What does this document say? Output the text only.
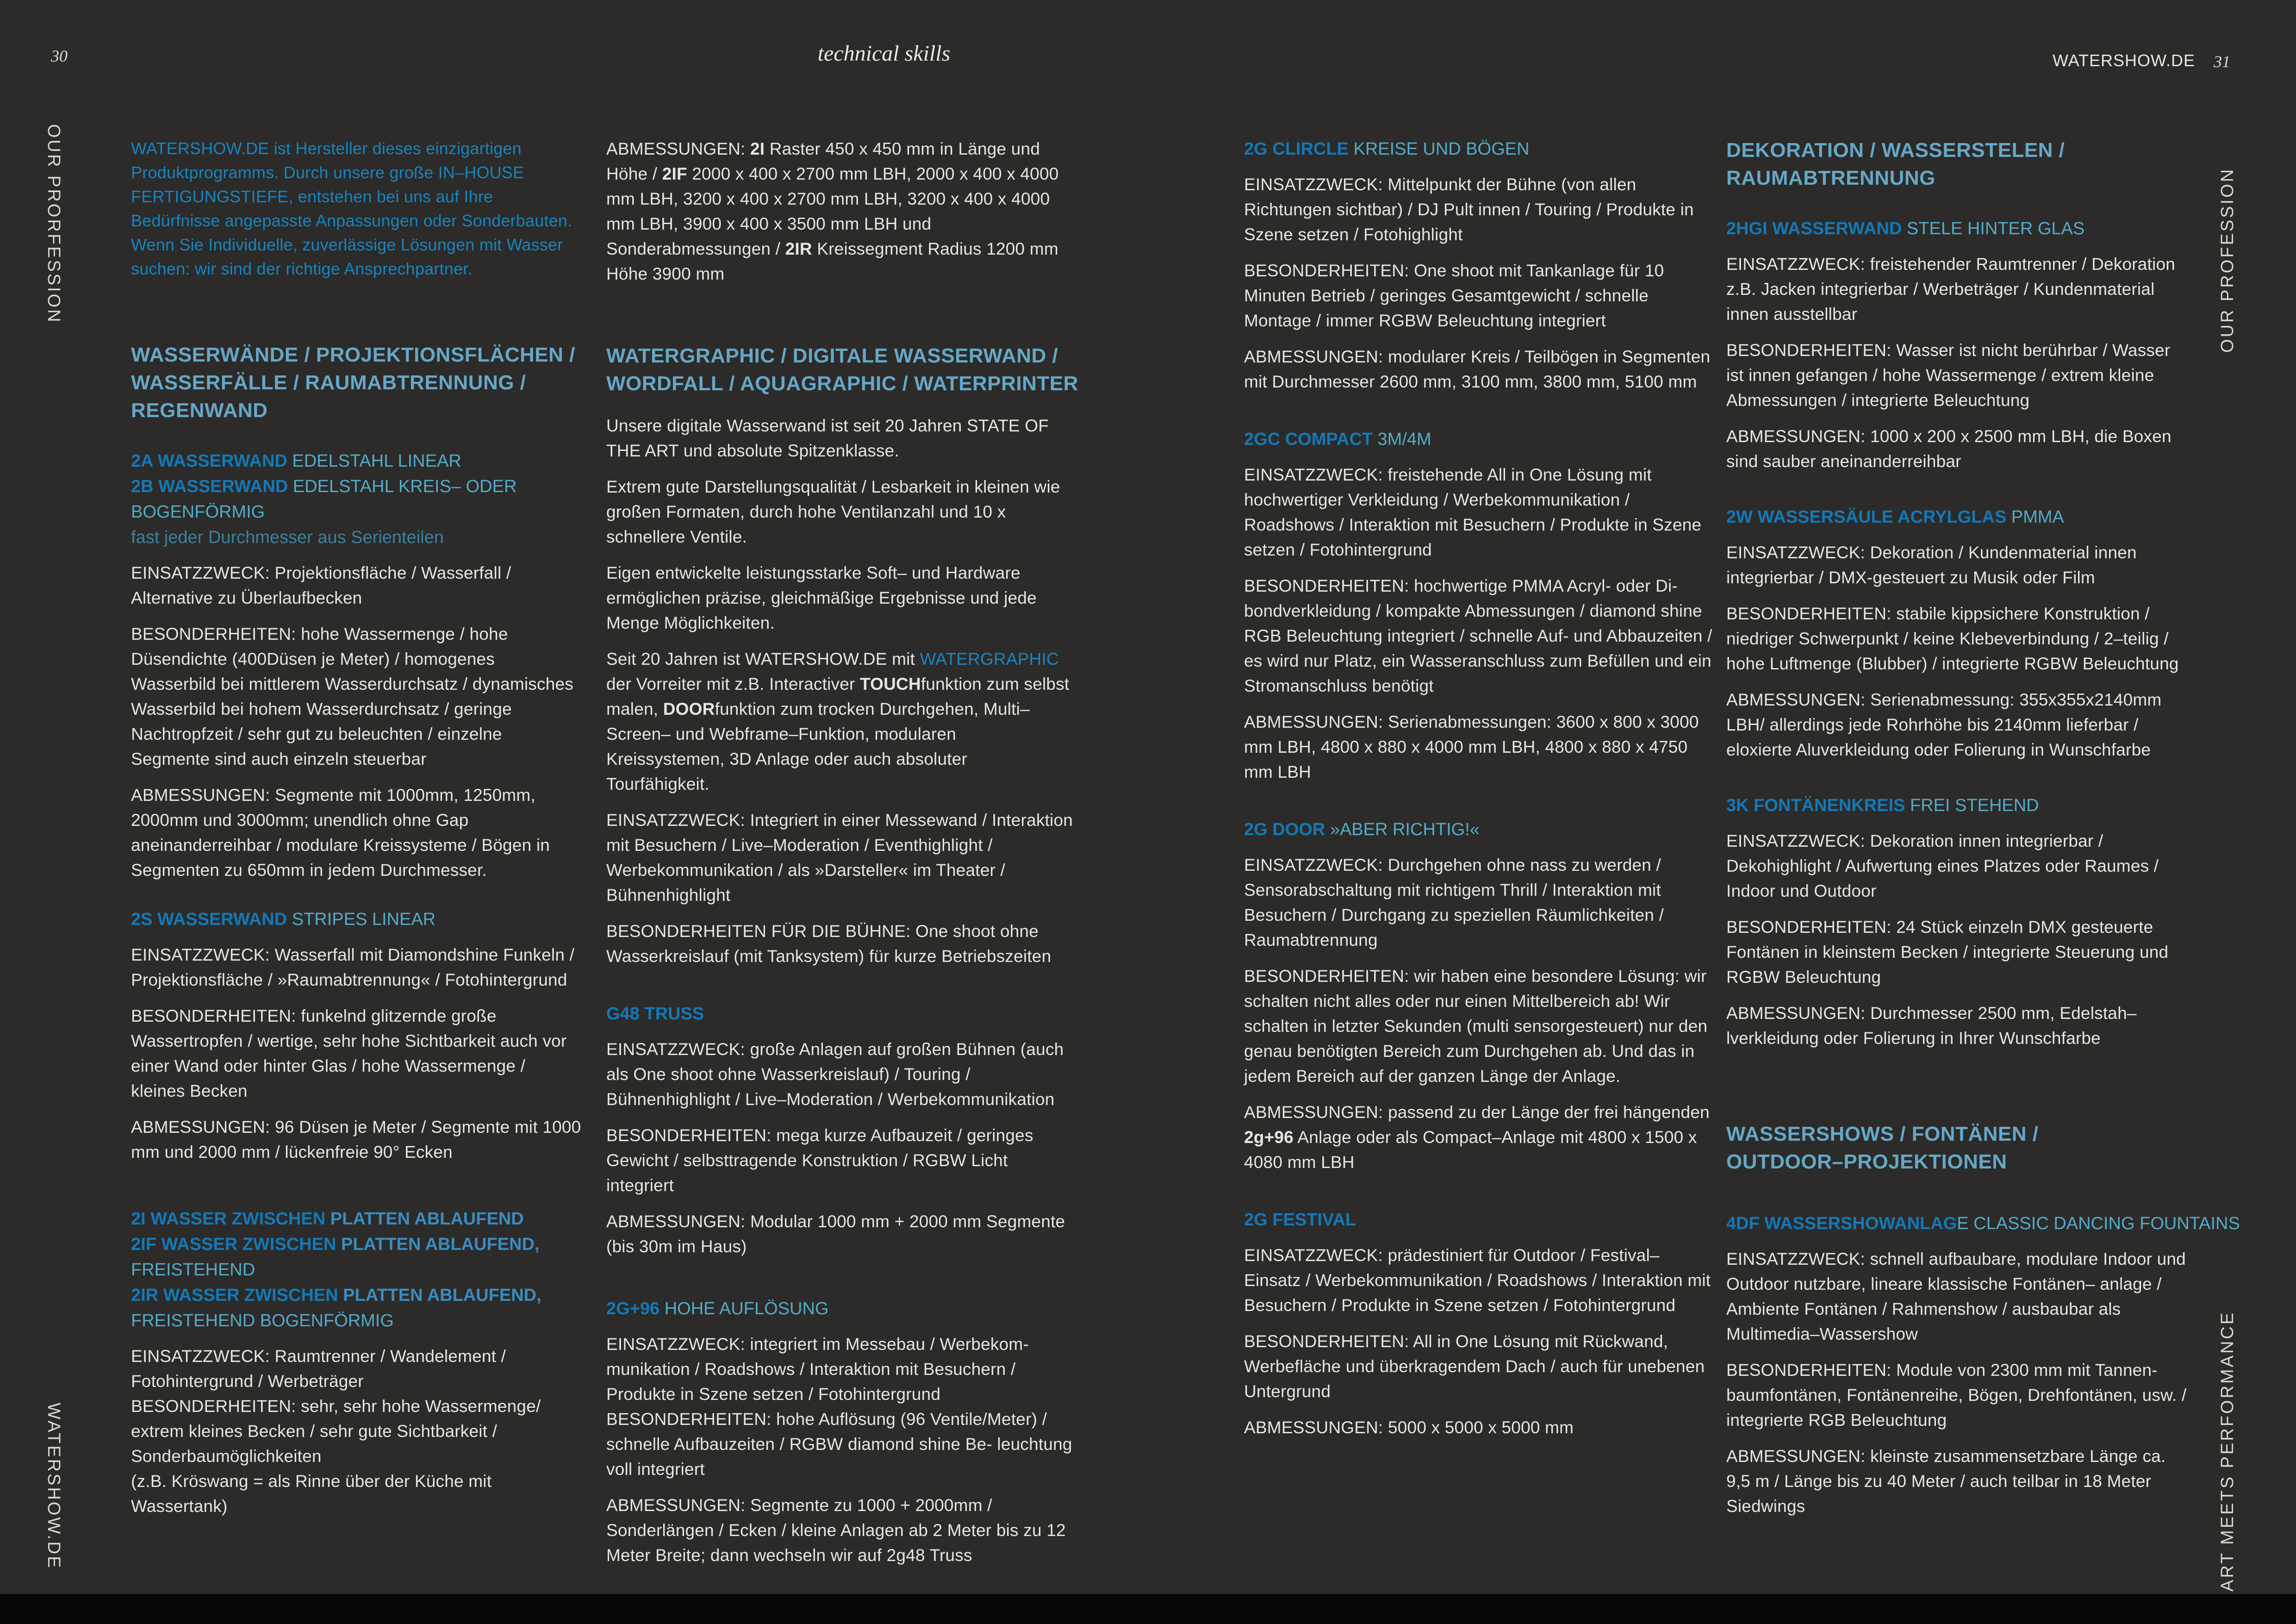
30	technical skills	WATERSHOW.DE 31
OUR PRORFESSION
WATERSHOW.DE
OUR PROFESSION
ART MEETS PERFORMANCE
WATERSHOW.DE ist Hersteller dieses einzigartigen Produktprogramms. Durch unsere große IN–HOUSE FERTIGUNGSTIEFE, entstehen bei uns auf Ihre Bedürfnisse angepasste Anpassungen oder Sonderbauten. Wenn Sie Individuelle, zuverlässige Lösungen mit Wasser suchen: wir sind der richtige Ansprechpartner.
WASSERWÄNDE / PROJEKTIONSFLÄCHEN /
WASSERFÄLLE / RAUMABTRENNUNG /
REGENWAND
2A WASSERWAND EDELSTAHL LINEAR
2B WASSERWAND EDELSTAHL KREIS– ODER
BOGENFÖRMIG
fast jeder Durchmesser aus Serienteilen
EINSATZZWECK: Projektionsfläche / Wasserfall / Alternative zu Überlaufbecken
BESONDERHEITEN: hohe Wassermenge / hohe Düsendichte (400Düsen je Meter) / homogenes Wasserbild bei mittlerem Wasserdurchsatz / dynamisches Wasserbild bei hohem Wasserdurchsatz / geringe Nachtropfzeit / sehr gut zu beleuchten / einzelne Segmente sind auch einzeln steuerbar
ABMESSUNGEN: Segmente mit 1000mm, 1250mm, 2000mm und 3000mm; unendlich ohne Gap aneinanderreihbar / modulare Kreissysteme / Bögen in Segmenten zu 650mm in jedem Durchmesser.
2S WASSERWAND STRIPES LINEAR
EINSATZZWECK: Wasserfall mit Diamondshine Funkeln / Projektionsfläche / »Raumabtrennung« / Fotohintergrund
BESONDERHEITEN: funkelnd glitzernde große Wassertropfen / wertige, sehr hohe Sichtbarkeit auch vor einer Wand oder hinter Glas / hohe Wassermenge / kleines Becken
ABMESSUNGEN: 96 Düsen je Meter / Segmente mit 1000 mm und 2000 mm / lückenfreie 90° Ecken
2I WASSER ZWISCHEN PLATTEN ABLAUFEND
2IF WASSER ZWISCHEN PLATTEN ABLAUFEND,
FREISTEHEND
2IR WASSER ZWISCHEN PLATTEN ABLAUFEND,
FREISTEHEND BOGENFÖRMIG
EINSATZZWECK: Raumtrenner / Wandelement / Fotohintergrund / Werbeträger
BESONDERHEITEN: sehr, sehr hohe Wassermenge/ extrem kleines Becken / sehr gute Sichtbarkeit / Sonderbaumöglichkeiten
(z.B. Kröswang = als Rinne über der Küche mit Wassertank)
ABMESSUNGEN: 2I Raster 450 x 450 mm in Länge und Höhe / 2IF 2000 x 400 x 2700 mm LBH, 2000 x 400 x 4000 mm LBH, 3200 x 400 x 2700 mm LBH, 3200 x 400 x 4000 mm LBH, 3900 x 400 x 3500 mm LBH und Sonderabmessungen / 2IR Kreissegment Radius 1200 mm Höhe 3900 mm
WATERGRAPHIC / DIGITALE WASSERWAND /
WORDFALL / AQUAGRAPHIC / WATERPRINTER
Unsere digitale Wasserwand ist seit 20 Jahren STATE OF THE ART und absolute Spitzenklasse.
Extrem gute Darstellungsqualität / Lesbarkeit in kleinen wie großen Formaten, durch hohe Ventilanzahl und 10 x schnellere Ventile.
Eigen entwickelte leistungsstarke Soft– und Hardware ermöglichen präzise, gleichmäßige Ergebnisse und jede Menge Möglichkeiten.
Seit 20 Jahren ist WATERSHOW.DE mit WATERGRAPHIC der Vorreiter mit z.B. Interactiver TOUCHfunktion zum selbst malen, DOORfunktion zum trocken Durchgehen, Multi–Screen– und Webframe–Funktion, modularen Kreissystemen, 3D Anlage oder auch absoluter Tourfähigkeit.
EINSATZZWECK: Integriert in einer Messewand / Interaktion mit Besuchern / Live–Moderation / Eventhighlight / Werbekommunikation / als »Darsteller« im Theater / Bühnenhighlight
BESONDERHEITEN FÜR DIE BÜHNE: One shoot ohne Wasserkreislauf (mit Tanksystem) für kurze Betriebszeiten
G48 TRUSS
EINSATZZWECK: große Anlagen auf großen Bühnen (auch als One shoot ohne Wasserkreislauf) / Touring / Bühnenhighlight / Live–Moderation / Werbekommunikation
BESONDERHEITEN: mega kurze Aufbauzeit / geringes Gewicht / selbsttragende Konstruktion / RGBW Licht integriert
ABMESSUNGEN: Modular 1000 mm + 2000 mm Segmente (bis 30m im Haus)
2G+96 HOHE AUFLÖSUNG
EINSATZZWECK: integriert im Messebau / Werbekom- munikation / Roadshows / Interaktion mit Besuchern / Produkte in Szene setzen / Fotohintergrund
BESONDERHEITEN: hohe Auflösung (96 Ventile/Meter) / schnelle Aufbauzeiten / RGBW diamond shine Be- leuchtung voll integriert
ABMESSUNGEN: Segmente zu 1000 + 2000mm / Sonderlängen / Ecken / kleine Anlagen ab 2 Meter bis zu 12 Meter Breite; dann wechseln wir auf 2g48 Truss
2G CLIRCLE KREISE UND BÖGEN
EINSATZZWECK: Mittelpunkt der Bühne (von allen Richtungen sichtbar) / DJ Pult innen / Touring / Produkte in Szene setzen / Fotohighlight
BESONDERHEITEN: One shoot mit Tankanlage für 10 Minuten Betrieb / geringes Gesamtgewicht / schnelle Montage / immer RGBW Beleuchtung integriert
ABMESSUNGEN: modularer Kreis / Teilbögen in Segmenten mit Durchmesser 2600 mm, 3100 mm, 3800 mm, 5100 mm
2GC COMPACT 3M/4M
EINSATZZWECK: freistehende All in One Lösung mit hochwertiger Verkleidung / Werbekommunikation / Roadshows / Interaktion mit Besuchern / Produkte in Szene setzen / Fotohintergrund
BESONDERHEITEN: hochwertige PMMA Acryl- oder Di- bondverkleidung / kompakte Abmessungen / diamond shine RGB Beleuchtung integriert / schnelle Auf- und Abbauzeiten / es wird nur Platz, ein Wasseranschluss zum Befüllen und ein Stromanschluss benötigt
ABMESSUNGEN: Serienabmessungen: 3600 x 800 x 3000 mm LBH, 4800 x 880 x 4000 mm LBH, 4800 x 880 x 4750 mm LBH
2G DOOR »ABER RICHTIG!«
EINSATZZWECK: Durchgehen ohne nass zu werden / Sensorabschaltung mit richtigem Thrill / Interaktion mit Besuchern / Durchgang zu speziellen Räumlichkeiten / Raumabtrennung
BESONDERHEITEN: wir haben eine besondere Lösung: wir schalten nicht alles oder nur einen Mittelbereich ab! Wir schalten in letzter Sekunden (multi sensorgesteuert) nur den genau benötigten Bereich zum Durchgehen ab. Und das in jedem Bereich auf der ganzen Länge der Anlage.
ABMESSUNGEN: passend zu der Länge der frei hängenden 2g+96 Anlage oder als Compact–Anlage mit 4800 x 1500 x 4080 mm LBH
2G FESTIVAL
EINSATZZWECK: prädestiniert für Outdoor / Festival–Einsatz / Werbekommunikation / Roadshows / Interaktion mit Besuchern / Produkte in Szene setzen / Fotohintergrund
BESONDERHEITEN: All in One Lösung mit Rückwand, Werbefläche und überkragendem Dach / auch für unebenen Untergrund
ABMESSUNGEN: 5000 x 5000 x 5000 mm
DEKORATION / WASSERSTELEN /
RAUMABTRENNUNG
2HGI WASSERWAND STELE HINTER GLAS
EINSATZZWECK: freistehender Raumtrenner / Dekoration z.B. Jacken integrierbar / Werbeträger / Kundenmaterial innen ausstellbar
BESONDERHEITEN: Wasser ist nicht berührbar / Wasser ist innen gefangen / hohe Wassermenge / extrem kleine Abmessungen / integrierte Beleuchtung
ABMESSUNGEN: 1000 x 200 x 2500 mm LBH, die Boxen sind sauber aneinanderreihbar
2W WASSERSÄULE ACRYLGLAS PMMA
EINSATZZWECK: Dekoration / Kundenmaterial innen integrierbar / DMX-gesteuert zu Musik oder Film
BESONDERHEITEN: stabile kippsichere Konstruktion / niedriger Schwerpunkt / keine Klebeverbindung / 2–teilig / hohe Luftmenge (Blubber) / integrierte RGBW Beleuchtung
ABMESSUNGEN: Serienabmessung: 355x355x2140mm LBH/ allerdings jede Rohrhöhe bis 2140mm lieferbar / eloxierte Aluverkleidung oder Folierung in Wunschfarbe
3K FONTÄNENKREIS FREI STEHEND
EINSATZZWECK: Dekoration innen integrierbar / Dekohighlight / Aufwertung eines Platzes oder Raumes / Indoor und Outdoor
BESONDERHEITEN: 24 Stück einzeln DMX gesteuerte Fontänen in kleinstem Becken / integrierte Steuerung und RGBW Beleuchtung
ABMESSUNGEN: Durchmesser 2500 mm, Edelstah– lverkleidung oder Folierung in Ihrer Wunschfarbe
WASSERSHOWS / FONTÄNEN /
OUTDOOR–PROJEKTIONEN
4DF WASSERSHOWANLAGE CLASSIC DANCING FOUNTAINS
EINSATZZWECK: schnell aufbaubare, modulare Indoor und Outdoor nutzbare, lineare klassische Fontänen– anlage / Ambiente Fontänen / Rahmenshow / ausbaubar als Multimedia–Wassershow
BESONDERHEITEN: Module von 2300 mm mit Tannen- baumfontänen, Fontänenreihe, Bögen, Drehfontänen, usw. / integrierte RGB Beleuchtung
ABMESSUNGEN: kleinste zusammensetzbare Länge ca. 9,5 m / Länge bis zu 40 Meter / auch teilbar in 18 Meter Siedwings
